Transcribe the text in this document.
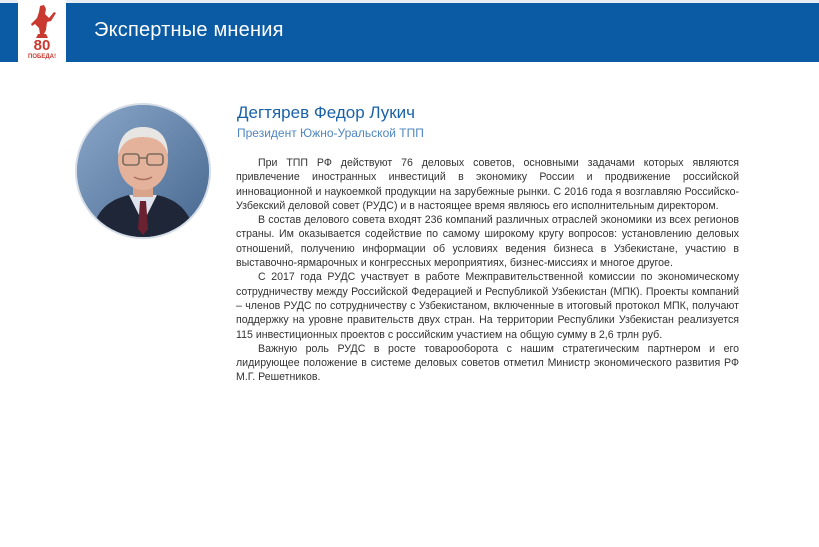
80
ПОБЕДА!
Экспертные мнения
Дегтярев Федор Лукич
Президент Южно-Уральской ТПП

При ТПП РФ действуют 76 деловых советов, основными задачами которых являются привлечение иностранных инвестиций в экономику России и продвижение российской инновационной и наукоемкой продукции на зарубежные рынки. С 2016 года я возглавляю Российско-Узбекский деловой совет (РУДС) и в настоящее время являюсь его исполнительным директором.

В состав делового совета входят 236 компаний различных отраслей экономики из всех регионов страны. Им оказывается содействие по самому широкому кругу вопросов: установлению деловых отношений, получению информации об условиях ведения бизнеса в Узбекистане, участию в выставочно-ярмарочных и конгрессных мероприятиях, бизнес-миссиях и многое другое.

С 2017 года РУДС участвует в работе Межправительственной комиссии по экономическому сотрудничеству между Российской Федерацией и Республикой Узбекистан (МПК). Проекты компаний – членов РУДС по сотрудничеству с Узбекистаном, включенные в итоговый протокол МПК, получают поддержку на уровне правительств двух стран. На территории Республики Узбекистан реализуется 115 инвестиционных проектов с российским участием на общую сумму в 2,6 трлн руб.

Важную роль РУДС в росте товарооборота с нашим стратегическим партнером и его лидирующее положение в системе деловых советов отметил Министр экономического развития РФ М.Г. Решетников.
